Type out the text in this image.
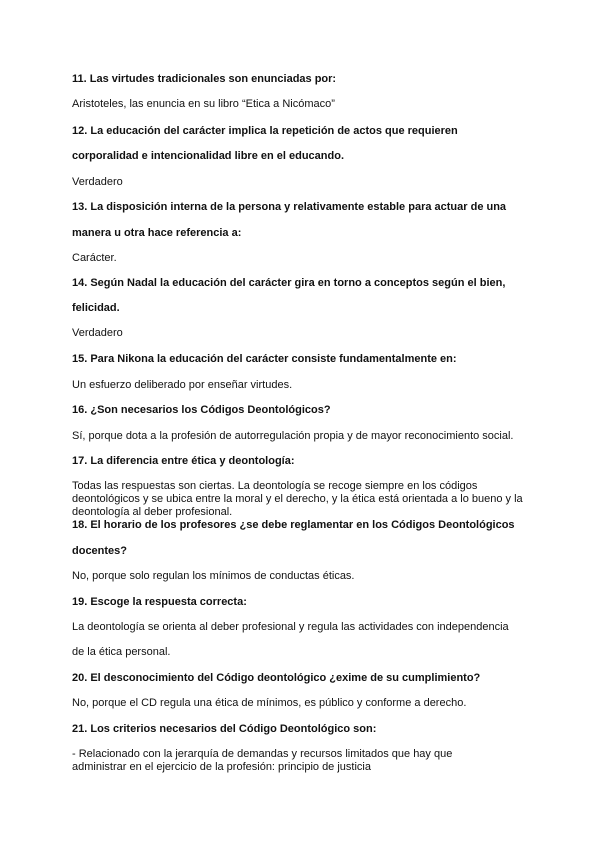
11. Las virtudes tradicionales son enunciadas por:

Aristoteles, las enuncia en su libro “Etica a Nicómaco”

12. La educación del carácter implica la repetición de actos que requieren

corporalidad e intencionalidad libre en el educando.

Verdadero

13. La disposición interna de la persona y relativamente estable para actuar de una

manera u otra hace referencia a:

Carácter.

14. Según Nadal la educación del carácter gira en torno a conceptos según el bien,

felicidad.

Verdadero

15. Para Nikona la educación del carácter consiste fundamentalmente en:

Un esfuerzo deliberado por enseñar virtudes.

16. ¿Son necesarios los Códigos Deontológicos?

Sí, porque dota a la profesión de autorregulación propia y de mayor reconocimiento social.

17. La diferencia entre ética y deontología:

Todas las respuestas son ciertas. La deontología se recoge siempre en los códigos

deontológicos y se ubica entre la moral y el derecho, y la ética está orientada a lo bueno y la

deontología al deber profesional.

18. El horario de los profesores ¿se debe reglamentar en los Códigos Deontológicos

docentes?

No, porque solo regulan los mínimos de conductas éticas.

19. Escoge la respuesta correcta:

La deontología se orienta al deber profesional y regula las actividades con independencia

de la ética personal.

20. El desconocimiento del Código deontológico ¿exime de su cumplimiento?

No, porque el CD regula una ética de mínimos, es público y conforme a derecho.

21. Los criterios necesarios del Código Deontológico son:

- Relacionado con la jerarquía de demandas y recursos limitados que hay que

administrar en el ejercicio de la profesión: principio de justicia
